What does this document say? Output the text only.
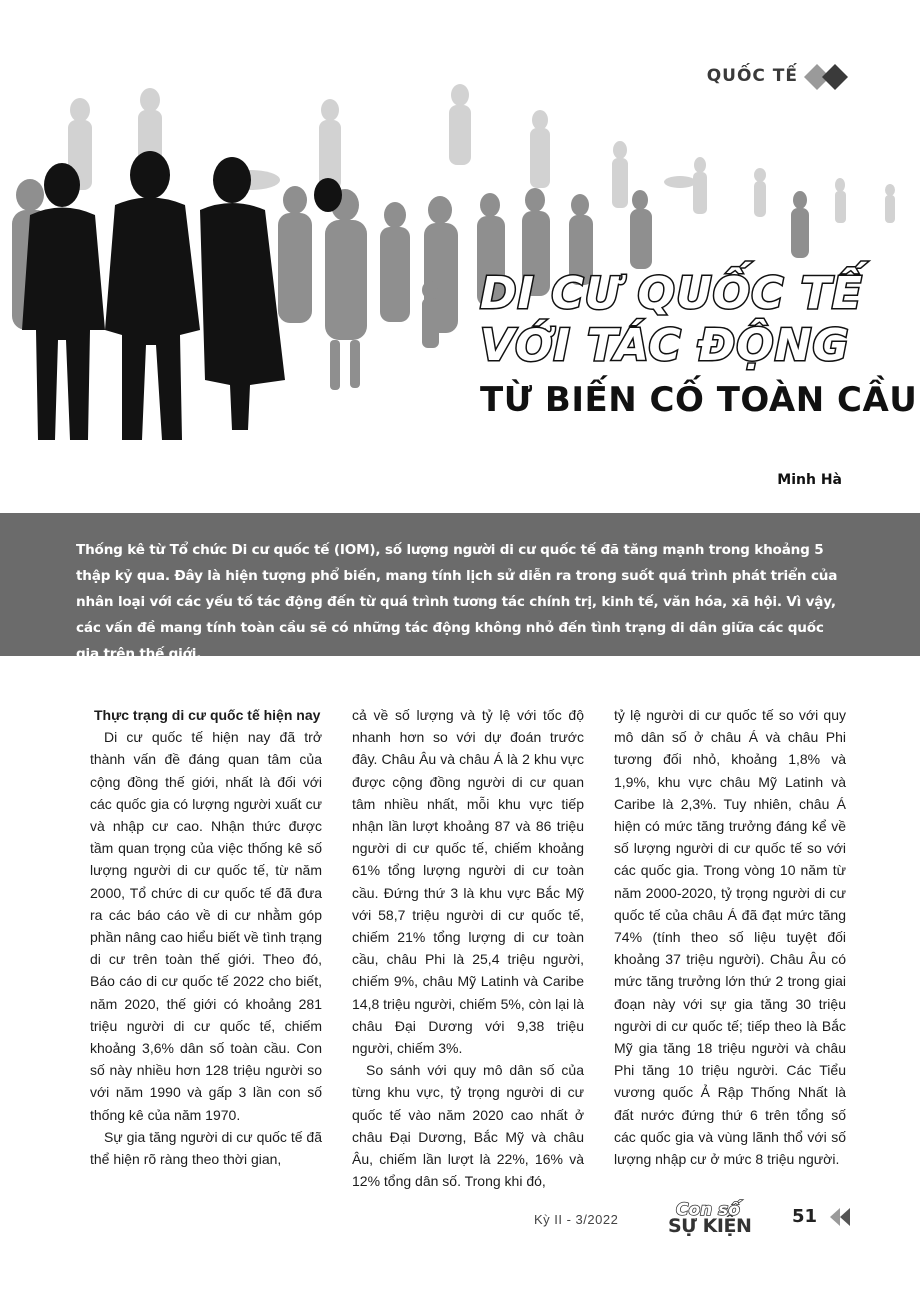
QUỐC TẾ
DI CƯ QUỐC TẾ
VỚI TÁC ĐỘNG
TỪ BIẾN CỐ TOÀN CẦU
Minh Hà

Thống kê từ Tổ chức Di cư quốc tế (IOM), số lượng người di cư quốc tế đã tăng mạnh trong khoảng 5 thập kỷ qua. Đây là hiện tượng phổ biến, mang tính lịch sử diễn ra trong suốt quá trình phát triển của nhân loại với các yếu tố tác động đến từ quá trình tương tác chính trị, kinh tế, văn hóa, xã hội. Vì vậy, các vấn đề mang tính toàn cầu sẽ có những tác động không nhỏ đến tình trạng di dân giữa các quốc gia trên thế giới.

Thực trạng di cư quốc tế hiện nay

Di cư quốc tế hiện nay đã trở thành vấn đề đáng quan tâm của cộng đồng thế giới, nhất là đối với các quốc gia có lượng người xuất cư và nhập cư cao. Nhận thức được tầm quan trọng của việc thống kê số lượng người di cư quốc tế, từ năm 2000, Tổ chức di cư quốc tế đã đưa ra các báo cáo về di cư nhằm góp phần nâng cao hiểu biết về tình trạng di cư trên toàn thế giới. Theo đó, Báo cáo di cư quốc tế 2022 cho biết, năm 2020, thế giới có khoảng 281 triệu người di cư quốc tế, chiếm khoảng 3,6% dân số toàn cầu. Con số này nhiều hơn 128 triệu người so với năm 1990 và gấp 3 lần con số thống kê của năm 1970.

Sự gia tăng người di cư quốc tế đã thể hiện rõ ràng theo thời gian,

cả về số lượng và tỷ lệ với tốc độ nhanh hơn so với dự đoán trước đây. Châu Âu và châu Á là 2 khu vực được cộng đồng người di cư quan tâm nhiều nhất, mỗi khu vực tiếp nhận lần lượt khoảng 87 và 86 triệu người di cư quốc tế, chiếm khoảng 61% tổng lượng người di cư toàn cầu. Đứng thứ 3 là khu vực Bắc Mỹ với 58,7 triệu người di cư quốc tế, chiếm 21% tổng lượng di cư toàn cầu, châu Phi là 25,4 triệu người, chiếm 9%, châu Mỹ Latinh và Caribe 14,8 triệu người, chiếm 5%, còn lại là châu Đại Dương với 9,38 triệu người, chiếm 3%.

So sánh với quy mô dân số của từng khu vực, tỷ trọng người di cư quốc tế vào năm 2020 cao nhất ở châu Đại Dương, Bắc Mỹ và châu Âu, chiếm lần lượt là 22%, 16% và 12% tổng dân số. Trong khi đó,

tỷ lệ người di cư quốc tế so với quy mô dân số ở châu Á và châu Phi tương đối nhỏ, khoảng 1,8% và 1,9%, khu vực châu Mỹ Latinh và Caribe là 2,3%. Tuy nhiên, châu Á hiện có mức tăng trưởng đáng kể về số lượng người di cư quốc tế so với các quốc gia. Trong vòng 10 năm từ năm 2000-2020, tỷ trọng người di cư quốc tế của châu Á đã đạt mức tăng 74% (tính theo số liệu tuyệt đối khoảng 37 triệu người). Châu Âu có mức tăng trưởng lớn thứ 2 trong giai đoạn này với sự gia tăng 30 triệu người di cư quốc tế; tiếp theo là Bắc Mỹ gia tăng 18 triệu người và châu Phi tăng 10 triệu người. Các Tiểu vương quốc Ả Rập Thống Nhất là đất nước đứng thứ 6 trên tổng số các quốc gia và vùng lãnh thổ với số lượng nhập cư ở mức 8 triệu người.

Kỳ II - 3/2022	Con số
SỰ KIỆN 51
